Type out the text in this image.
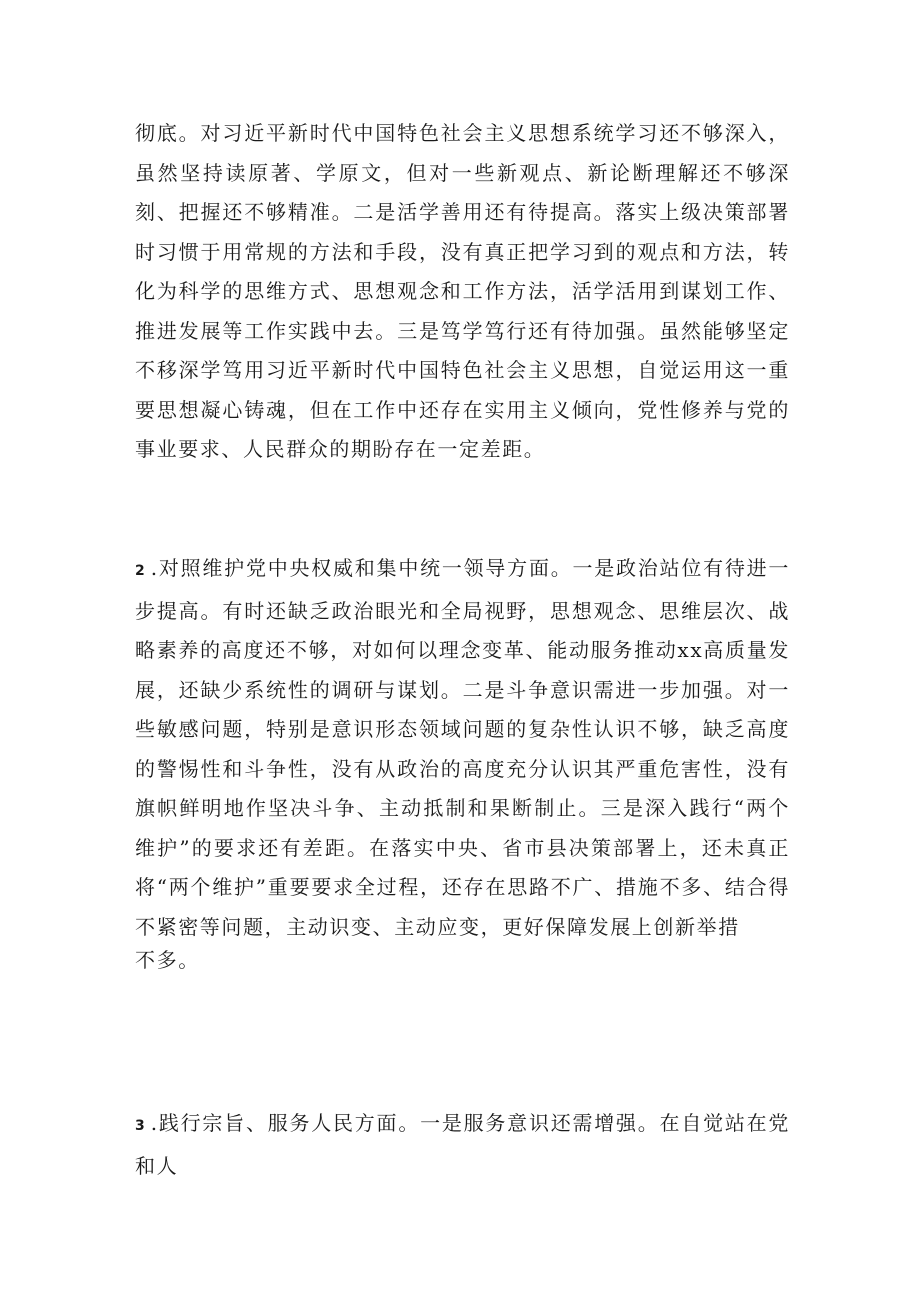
彻底。对习近平新时代中国特色社会主义思想系统学习还不够深入，虽然坚持读原著、学原文，但对一些新观点、新论断理解还不够深刻、把握还不够精准。二是活学善用还有待提高。落实上级决策部署时习惯于用常规的方法和手段，没有真正把学习到的观点和方法，转化为科学的思维方式、思想观念和工作方法，活学活用到谋划工作、推进发展等工作实践中去。三是笃学笃行还有待加强。虽然能够坚定不移深学笃用习近平新时代中国特色社会主义思想，自觉运用这一重要思想凝心铸魂，但在工作中还存在实用主义倾向，党性修养与党的事业要求、人民群众的期盼存在一定差距。

2 .对照维护党中央权威和集中统一领导方面。一是政治站位有待进一步提高。有时还缺乏政治眼光和全局视野，思想观念、思维层次、战略素养的高度还不够，对如何以理念变革、能动服务推动xx高质量发展，还缺少系统性的调研与谋划。二是斗争意识需进一步加强。对一些敏感问题，特别是意识形态领域问题的复杂性认识不够，缺乏高度的警惕性和斗争性，没有从政治的高度充分认识其严重危害性，没有旗帜鲜明地作坚决斗争、主动抵制和果断制止。三是深入践行“两个维护”的要求还有差距。在落实中央、省市县决策部署上，还未真正将“两个维护”重要要求全过程，还存在思路不广、措施不多、结合得不紧密等问题，主动识变、主动应变，更好保障发展上创新举措
不多。

3 .践行宗旨、服务人民方面。一是服务意识还需增强。在自觉站在党和人
